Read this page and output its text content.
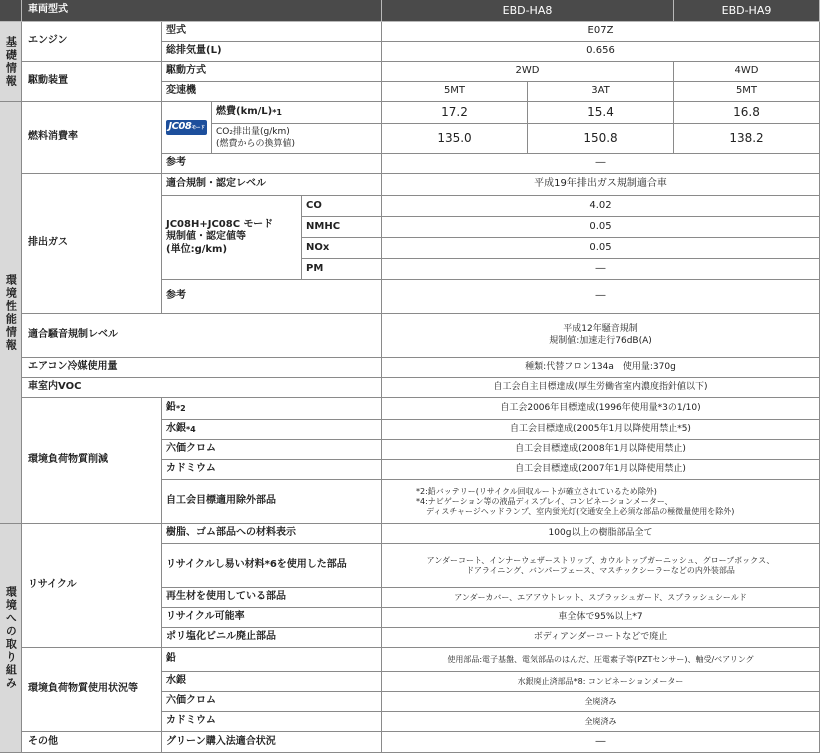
車両型式	EBD-HA8	EBD-HA9
基礎情報
環境性能情報
環境への取り組み
エンジン
型式	E07Z
総排気量(L)	0.656
駆動装置
駆動方式	2WD	4WD
変速機	5MT	3AT	5MT
燃料消費率
JC08モード
燃費(km/L) *1	17.2	15.4	16.8
CO₂排出量(g/km)
(燃費からの換算値)	135.0	150.8	138.2
参考	―
排出ガス
適合規制・認定レベル	平成19年排出ガス規制適合車
JC08H+JC08C モード
規制値・認定値等
(単位:g/km)
CO	4.02
NMHC	0.05
NOx	0.05
PM	―
参考	―
適合騒音規制レベル	平成12年騒音規制
規制値:加速走行76dB(A)
エアコン冷媒使用量	種類:代替フロン134a　使用量:370g
車室内VOC	自工会自主目標達成(厚生労働省室内濃度指針値以下)
環境負荷物質削減
鉛 *2	自工会2006年目標達成(1996年使用量*3の1/10)
水銀 *4	自工会目標達成(2005年1月以降使用禁止*5)
六価クロム	自工会目標達成(2008年1月以降使用禁止)
カドミウム	自工会目標達成(2007年1月以降使用禁止)
自工会目標適用除外部品
*2:鉛バッテリー(リサイクル回収ルートが確立されているため除外)
*4:ナビゲーション等の液晶ディスプレイ、コンビネーションメーター、
ディスチャージヘッドランプ、室内蛍光灯(交通安全上必須な部品の極微量使用を除外)
リサイクル
樹脂、ゴム部品への材料表示	100g以上の樹脂部品全て
リサイクルし易い材料*6を使用した部品	アンダーコート、インナーウェザーストリップ、カウルトップガーニッシュ、グローブボックス、
ドアライニング、バンパーフェース、マスチックシーラーなどの内外装部品
再生材を使用している部品	アンダーカバー、エアアウトレット、スプラッシュガード、スプラッシュシールド
リサイクル可能率	車全体で95%以上*7
ポリ塩化ビニル廃止部品	ボディアンダーコートなどで廃止
環境負荷物質使用状況等
鉛	使用部品:電子基盤、電気部品のはんだ、圧電素子等(PZTセンサー)、軸受/ベアリング
水銀	水銀廃止済部品*8: コンビネーションメーター
六価クロム	全廃済み
カドミウム	全廃済み
その他	グリーン購入法適合状況	―
